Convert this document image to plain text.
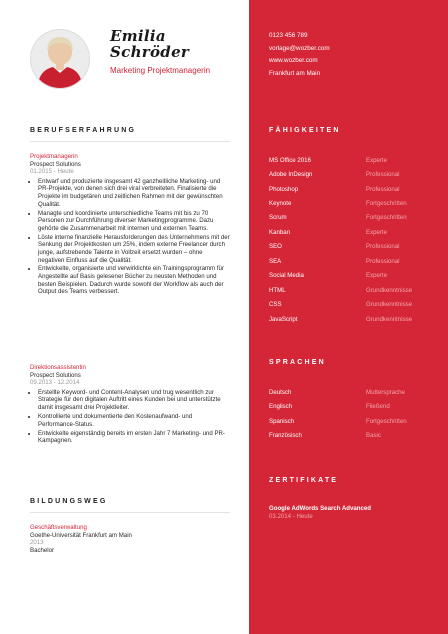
Emilia
Schröder
Marketing Projektmanagerin
BERUFSERFAHRUNG
Projektmanagerin
Prospect Solutions
01.2015 - Heute
• Entwarf und produzierte insgesamt 42 ganzheitliche Marketing- und PR-Projekte, von denen sich drei viral verbreiteten. Finalisierte die Projekte im budgetären und zeitlichen Rahmen mit der gewünschten Qualität.
• Managte und koordinierte unterschiedliche Teams mit bis zu 70 Personen zur Durchführung diverser Marketingprogramme. Dazu gehörte die Zusammenarbeit mit internen und externen Teams.
• Löste interne finanzielle Herausforderungen des Unternehmens mit der Senkung der Projektkosten um 25%, indem externe Freelancer durch junge, aufstrebende Talente in Vollzeit ersetzt wurden – ohne negativen Einfluss auf die Qualität.
• Entwickelte, organisierte und verwirklichte ein Trainingsprogramm für Angestellte auf Basis gelesener Bücher zu neusten Methoden und besten Beispielen. Dadurch wurde sowohl der Workflow als auch der Output des Teams verbessert.
Direktionsassistentin
Prospect Solutions
09.2013 - 12.2014
• Erstellte Keyword- und Content-Analysen und trug wesentlich zur Strategie für den digitalen Auftritt eines Kunden bei und unterstützte damit insgesamt drei Projektleiter.
• Kontrollierte und dokumentierte den Kostenaufwand- und Performance-Status.
• Entwickelte eigenständig bereits im ersten Jahr 7 Marketing- und PR-Kampagnen.
BILDUNGSWEG
Geschäftsverwaltung
Goethe-Universität Frankfurt am Main
2013
Bachelor
0123 456 789
vorlage@wozber.com
www.wozber.com
Frankfurt am Main
FÄHIGKEITEN
MS Office 2016	Experte
Adobe InDesign	Professional
Photoshop	Professional
Keynote	Fortgeschritten
Scrum	Fortgeschritten
Kanban	Experte
SEO	Professional
SEA	Professional
Social Media	Experte
HTML	Grundkenntnisse
CSS	Grundkenntnisse
JavaScript	Grundkenntnisse
SPRACHEN
Deutsch	Muttersprache
Englisch	Fließend
Spanisch	Fortgeschritten
Französisch	Basic
ZERTIFIKATE
Google AdWords Search Advanced
03.2014 - Heute
